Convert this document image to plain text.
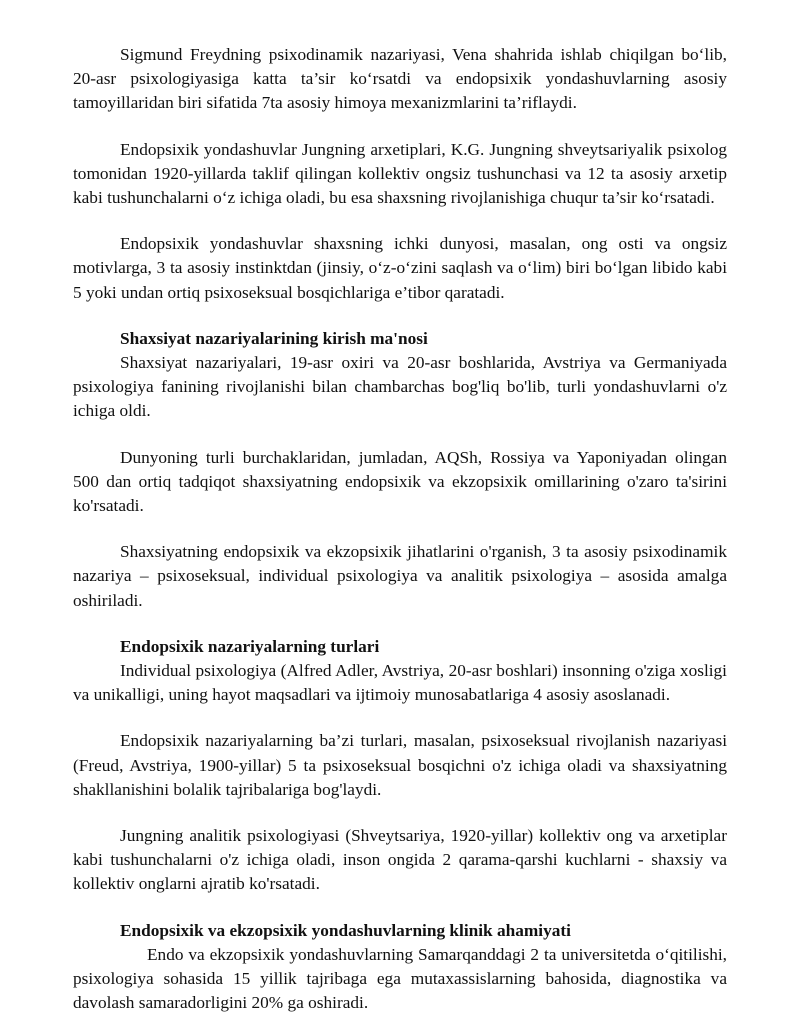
Sigmund Freydning psixodinamik nazariyasi, Vena shahrida ishlab chiqilgan bo‘lib, 20-asr psixologiyasiga katta ta’sir ko‘rsatdi va endopsixik yondashuvlarning asosiy tamoyillaridan biri sifatida 7ta asosiy himoya mexanizmlarini ta’riflaydi.

Endopsixik yondashuvlar Jungning arxetiplari, K.G. Jungning shveytsariyalik psixolog tomonidan 1920-yillarda taklif qilingan kollektiv ongsiz tushunchasi va 12 ta asosiy arxetip kabi tushunchalarni o‘z ichiga oladi, bu esa shaxsning rivojlanishiga chuqur ta’sir ko‘rsatadi.

Endopsixik yondashuvlar shaxsning ichki dunyosi, masalan, ong osti va ongsiz motivlarga, 3 ta asosiy instinktdan (jinsiy, o‘z-o‘zini saqlash va o‘lim) biri bo‘lgan libido kabi 5 yoki undan ortiq psixoseksual bosqichlariga e’tibor qaratadi.

Shaxsiyat nazariyalarining kirish ma'nosi

Shaxsiyat nazariyalari, 19-asr oxiri va 20-asr boshlarida, Avstriya va Germaniyada psixologiya fanining rivojlanishi bilan chambarchas bog'liq bo'lib, turli yondashuvlarni o'z ichiga oldi.

Dunyoning turli burchaklaridan, jumladan, AQSh, Rossiya va Yaponiyadan olingan 500 dan ortiq tadqiqot shaxsiyatning endopsixik va ekzopsixik omillarining o'zaro ta'sirini ko'rsatadi.

Shaxsiyatning endopsixik va ekzopsixik jihatlarini o'rganish, 3 ta asosiy psixodinamik nazariya – psixoseksual, individual psixologiya va analitik psixologiya – asosida amalga oshiriladi.

Endopsixik nazariyalarning turlari

Individual psixologiya (Alfred Adler, Avstriya, 20-asr boshlari) insonning o'ziga xosligi va unikalligi, uning hayot maqsadlari va ijtimoiy munosabatlariga 4 asosiy asoslanadi.

Endopsixik nazariyalarning ba’zi turlari, masalan, psixoseksual rivojlanish nazariyasi (Freud, Avstriya, 1900-yillar) 5 ta psixoseksual bosqichni o'z ichiga oladi va shaxsiyatning shakllanishini bolalik tajribalariga bog'laydi.

Jungning analitik psixologiyasi (Shveytsariya, 1920-yillar) kollektiv ong va arxetiplar kabi tushunchalarni o'z ichiga oladi, inson ongida 2 qarama-qarshi kuchlarni - shaxsiy va kollektiv onglarni ajratib ko'rsatadi.

Endopsixik va ekzopsixik yondashuvlarning klinik ahamiyati

Endo va ekzopsixik yondashuvlarning Samarqanddagi 2 ta universitetda o‘qitilishi, psixologiya sohasida 15 yillik tajribaga ega mutaxassislarning bahosida, diagnostika va davolash samaradorligini 20% ga oshiradi.
